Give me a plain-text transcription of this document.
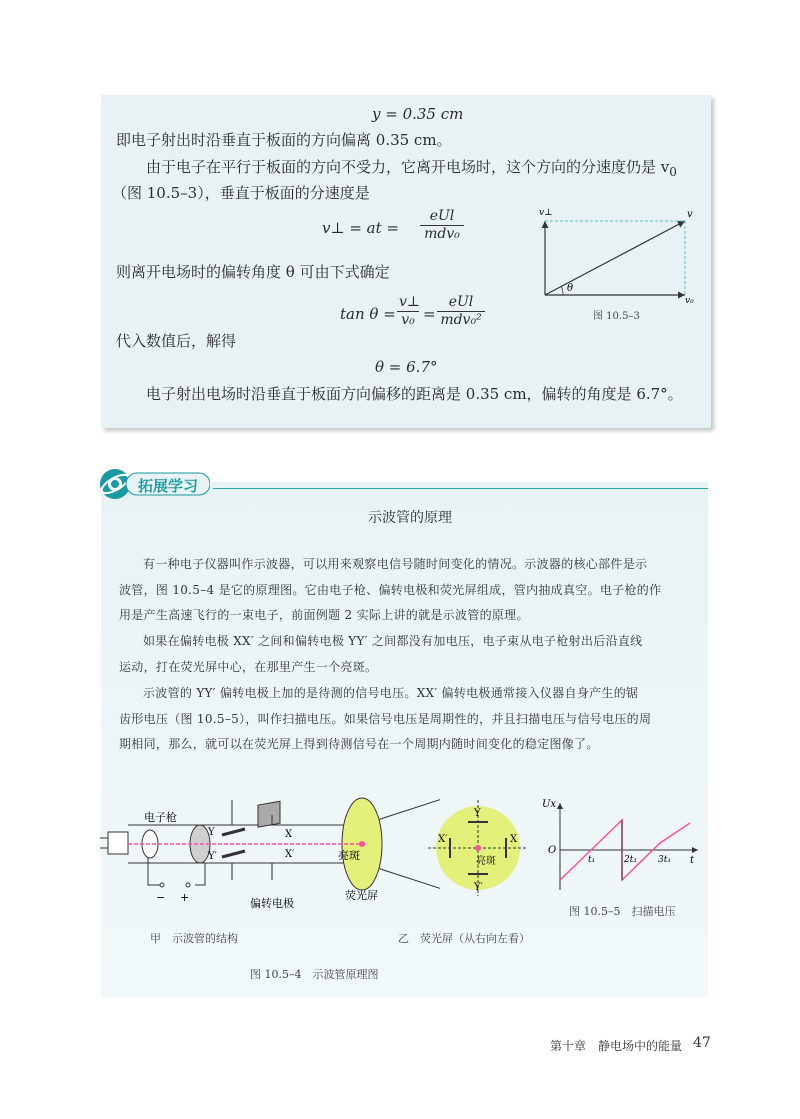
y = 0.35 cm
即电子射出时沿垂直于板面的方向偏离 0.35 cm。
由于电子在平行于板面的方向不受力，它离开电场时，这个方向的分速度仍是 $v_0$
（图 10.5–3），垂直于板面的分速度是
v⊥ = at =
eUl
mdv₀
则离开电场时的偏转角度 θ 可由下式确定
$\tan \theta = \frac{v\perp}{\text{v₀}}$ =
eUl
mdv₀²
代入数值后，解得
θ = 6.7°
电子射出电场时沿垂直于板面方向偏移的距离是 0.35 cm，偏转的角度是 6.7°。
v⊥	v
v₀
θ
图 10.5–3
拓展学习
示波管的原理
有一种电子仪器叫作示波器，可以用来观察电信号随时间变化的情况。示波器的核心部件是示
波管，图 10.5–4 是它的原理图。它由电子枪、偏转电极和荧光屏组成，管内抽成真空。电子枪的作
用是产生高速飞行的一束电子，前面例题 2 实际上讲的就是示波管的原理。
如果在偏转电极 XX′ 之间和偏转电极 YY′ 之间都没有加电压，电子束从电子枪射出后沿直线
运动，打在荧光屏中心，在那里产生一个亮斑。
示波管的 YY′ 偏转电极上加的是待测的信号电压。XX′ 偏转电极通常接入仪器自身产生的锯
齿形电压（图 10.5–5），叫作扫描电压。如果信号电压是周期性的，并且扫描电压与信号电压的周
期相同，那么，就可以在荧光屏上得到待测信号在一个周期内随时间变化的稳定图像了。
电子枪
Y
Y′
X
X′	亮斑
− +	偏转电极
荧光屏
Y
Y′
X′	X
亮斑
甲　示波管的结构	乙　荧光屏（从右向左看）
图 10.5–4　示波管原理图
Ux
t
O
t₁	2t₁ 3t₁
图 10.5–5　扫描电压
第十章　静电场中的能量 47
